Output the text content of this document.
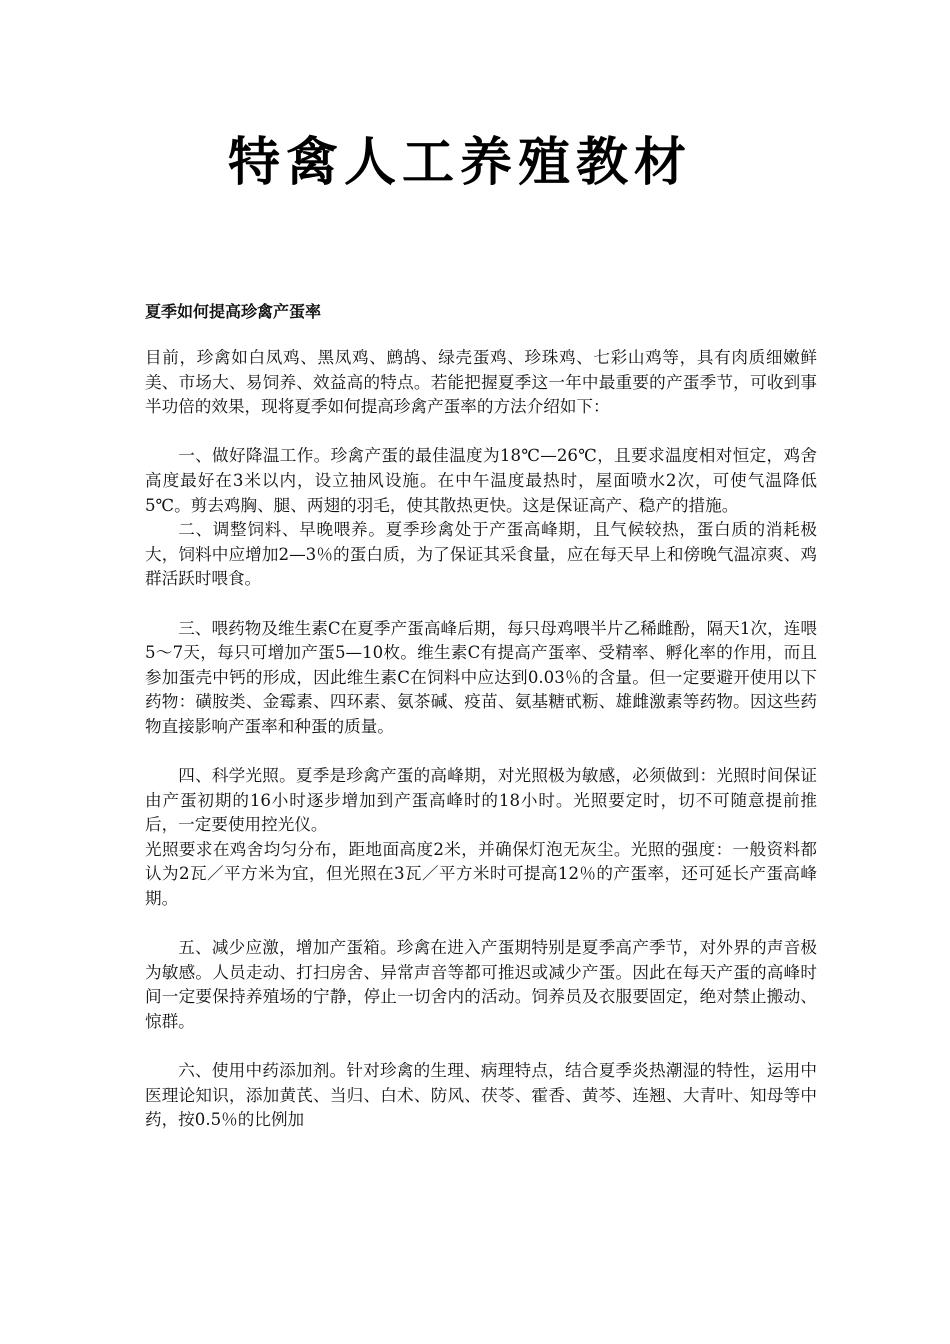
特禽人工养殖教材
夏季如何提高珍禽产蛋率

目前，珍禽如白凤鸡、黑凤鸡、鹧鸪、绿壳蛋鸡、珍珠鸡、七彩山鸡等，具有肉质细嫩鲜美、市场大、易饲养、效益高的特点。若能把握夏季这一年中最重要的产蛋季节，可收到事半功倍的效果，现将夏季如何提高珍禽产蛋率的方法介绍如下：

一、做好降温工作。珍禽产蛋的最佳温度为18℃—26℃，且要求温度相对恒定，鸡舍高度最好在3米以内，设立抽风设施。在中午温度最热时，屋面喷水2次，可使气温降低5℃。剪去鸡胸、腿、两翅的羽毛，使其散热更快。这是保证高产、稳产的措施。

二、调整饲料、早晚喂养。夏季珍禽处于产蛋高峰期，且气候较热，蛋白质的消耗极大，饲料中应增加2—3％的蛋白质，为了保证其采食量，应在每天早上和傍晚气温凉爽、鸡群活跃时喂食。

三、喂药物及维生素C在夏季产蛋高峰后期，每只母鸡喂半片乙稀雌酚，隔天1次，连喂5～7天，每只可增加产蛋5—10枚。维生素C有提高产蛋率、受精率、孵化率的作用，而且参加蛋壳中钙的形成，因此维生素C在饲料中应达到0.03％的含量。但一定要避开使用以下药物：磺胺类、金霉素、四环素、氨茶碱、疫苗、氨基糖甙粝、雄雌激素等药物。因这些药物直接影响产蛋率和种蛋的质量。

四、科学光照。夏季是珍禽产蛋的高峰期，对光照极为敏感，必须做到：光照时间保证由产蛋初期的16小时逐步增加到产蛋高峰时的18小时。光照要定时，切不可随意提前推后，一定要使用控光仪。

光照要求在鸡舍均匀分布，距地面高度2米，并确保灯泡无灰尘。光照的强度：一般资料都认为2瓦／平方米为宜，但光照在3瓦／平方米时可提高12％的产蛋率，还可延长产蛋高峰期。

五、减少应激，增加产蛋箱。珍禽在进入产蛋期特别是夏季高产季节，对外界的声音极为敏感。人员走动、打扫房舍、异常声音等都可推迟或减少产蛋。因此在每天产蛋的高峰时间一定要保持养殖场的宁静，停止一切舍内的活动。饲养员及衣服要固定，绝对禁止搬动、惊群。

六、使用中药添加剂。针对珍禽的生理、病理特点，结合夏季炎热潮湿的特性，运用中医理论知识，添加黄芪、当归、白术、防风、茯苓、霍香、黄芩、连翘、大青叶、知母等中药，按0.5％的比例加
